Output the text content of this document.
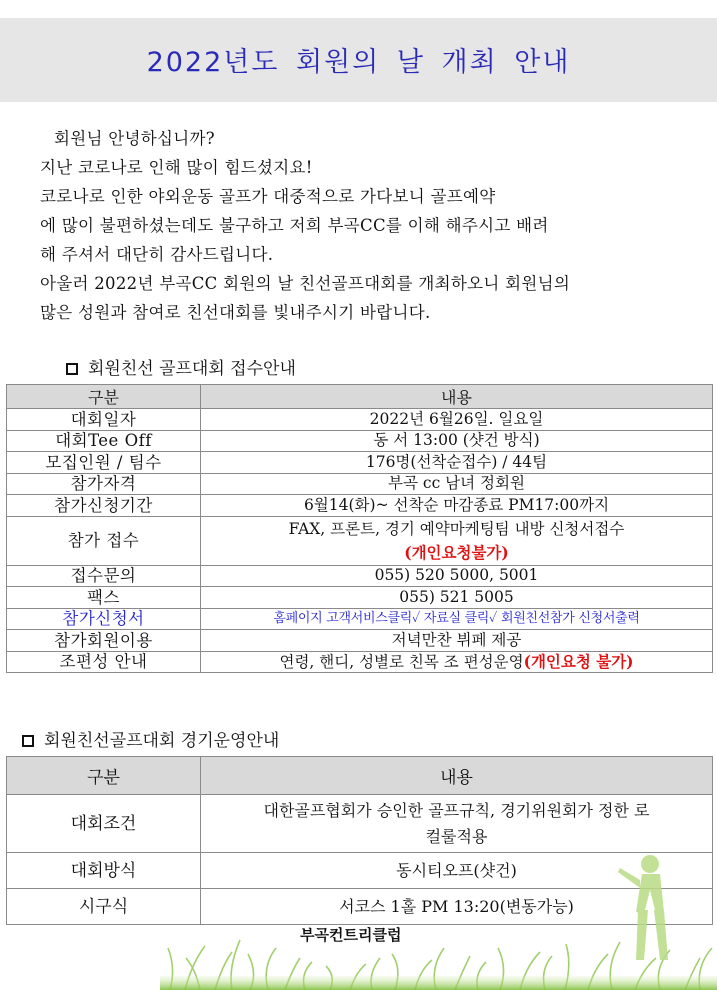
2022년도 회원의 날 개최 안내

회원님 안녕하십니까?

지난 코로나로 인해 많이 힘드셨지요!

코로나로 인한 야외운동 골프가 대중적으로 가다보니 골프예약

에 많이 불편하셨는데도 불구하고 저희 부곡CC를 이해 해주시고 배려

해 주셔서 대단히 감사드립니다.

아울러 2022년 부곡CC 회원의 날 친선골프대회를 개최하오니 회원님의

많은 성원과 참여로 친선대회를 빛내주시기 바랍니다.

회원친선 골프대회 접수안내
구분	내용
대회일자	2022년 6월26일. 일요일
대회Tee Off	동 서 13:00 (샷건 방식)
모집인원 / 팀수	176명(선착순접수) / 44팀
참가자격	부곡 cc 남녀 정회원
참가신청기간	6월14(화)~ 선착순 마감종료 PM17:00까지
참가 접수	FAX, 프론트, 경기 예약마케팅팀 내방 신청서접수
(개인요청불가)

접수문의	055) 520 5000, 5001
팩스	055) 521 5005
참가신청서	홈페이지 고객서비스클릭✓ 자료실 클릭✓ 회원친선참가 신청서출력
참가회원이용	저녁만찬 뷔페 제공
조편성 안내	연령, 핸디, 성별로 친목 조 편성운영(개인요청 불가)
회원친선골프대회 경기운영안내
구분	내용
대회조건	대한골프협회가 승인한 골프규칙, 경기위원회가 정한 로컬룰적용
대회방식	동시티오프(샷건)
시구식	서코스 1홀 PM 13:20(변동가능)
부곡컨트리클럽
